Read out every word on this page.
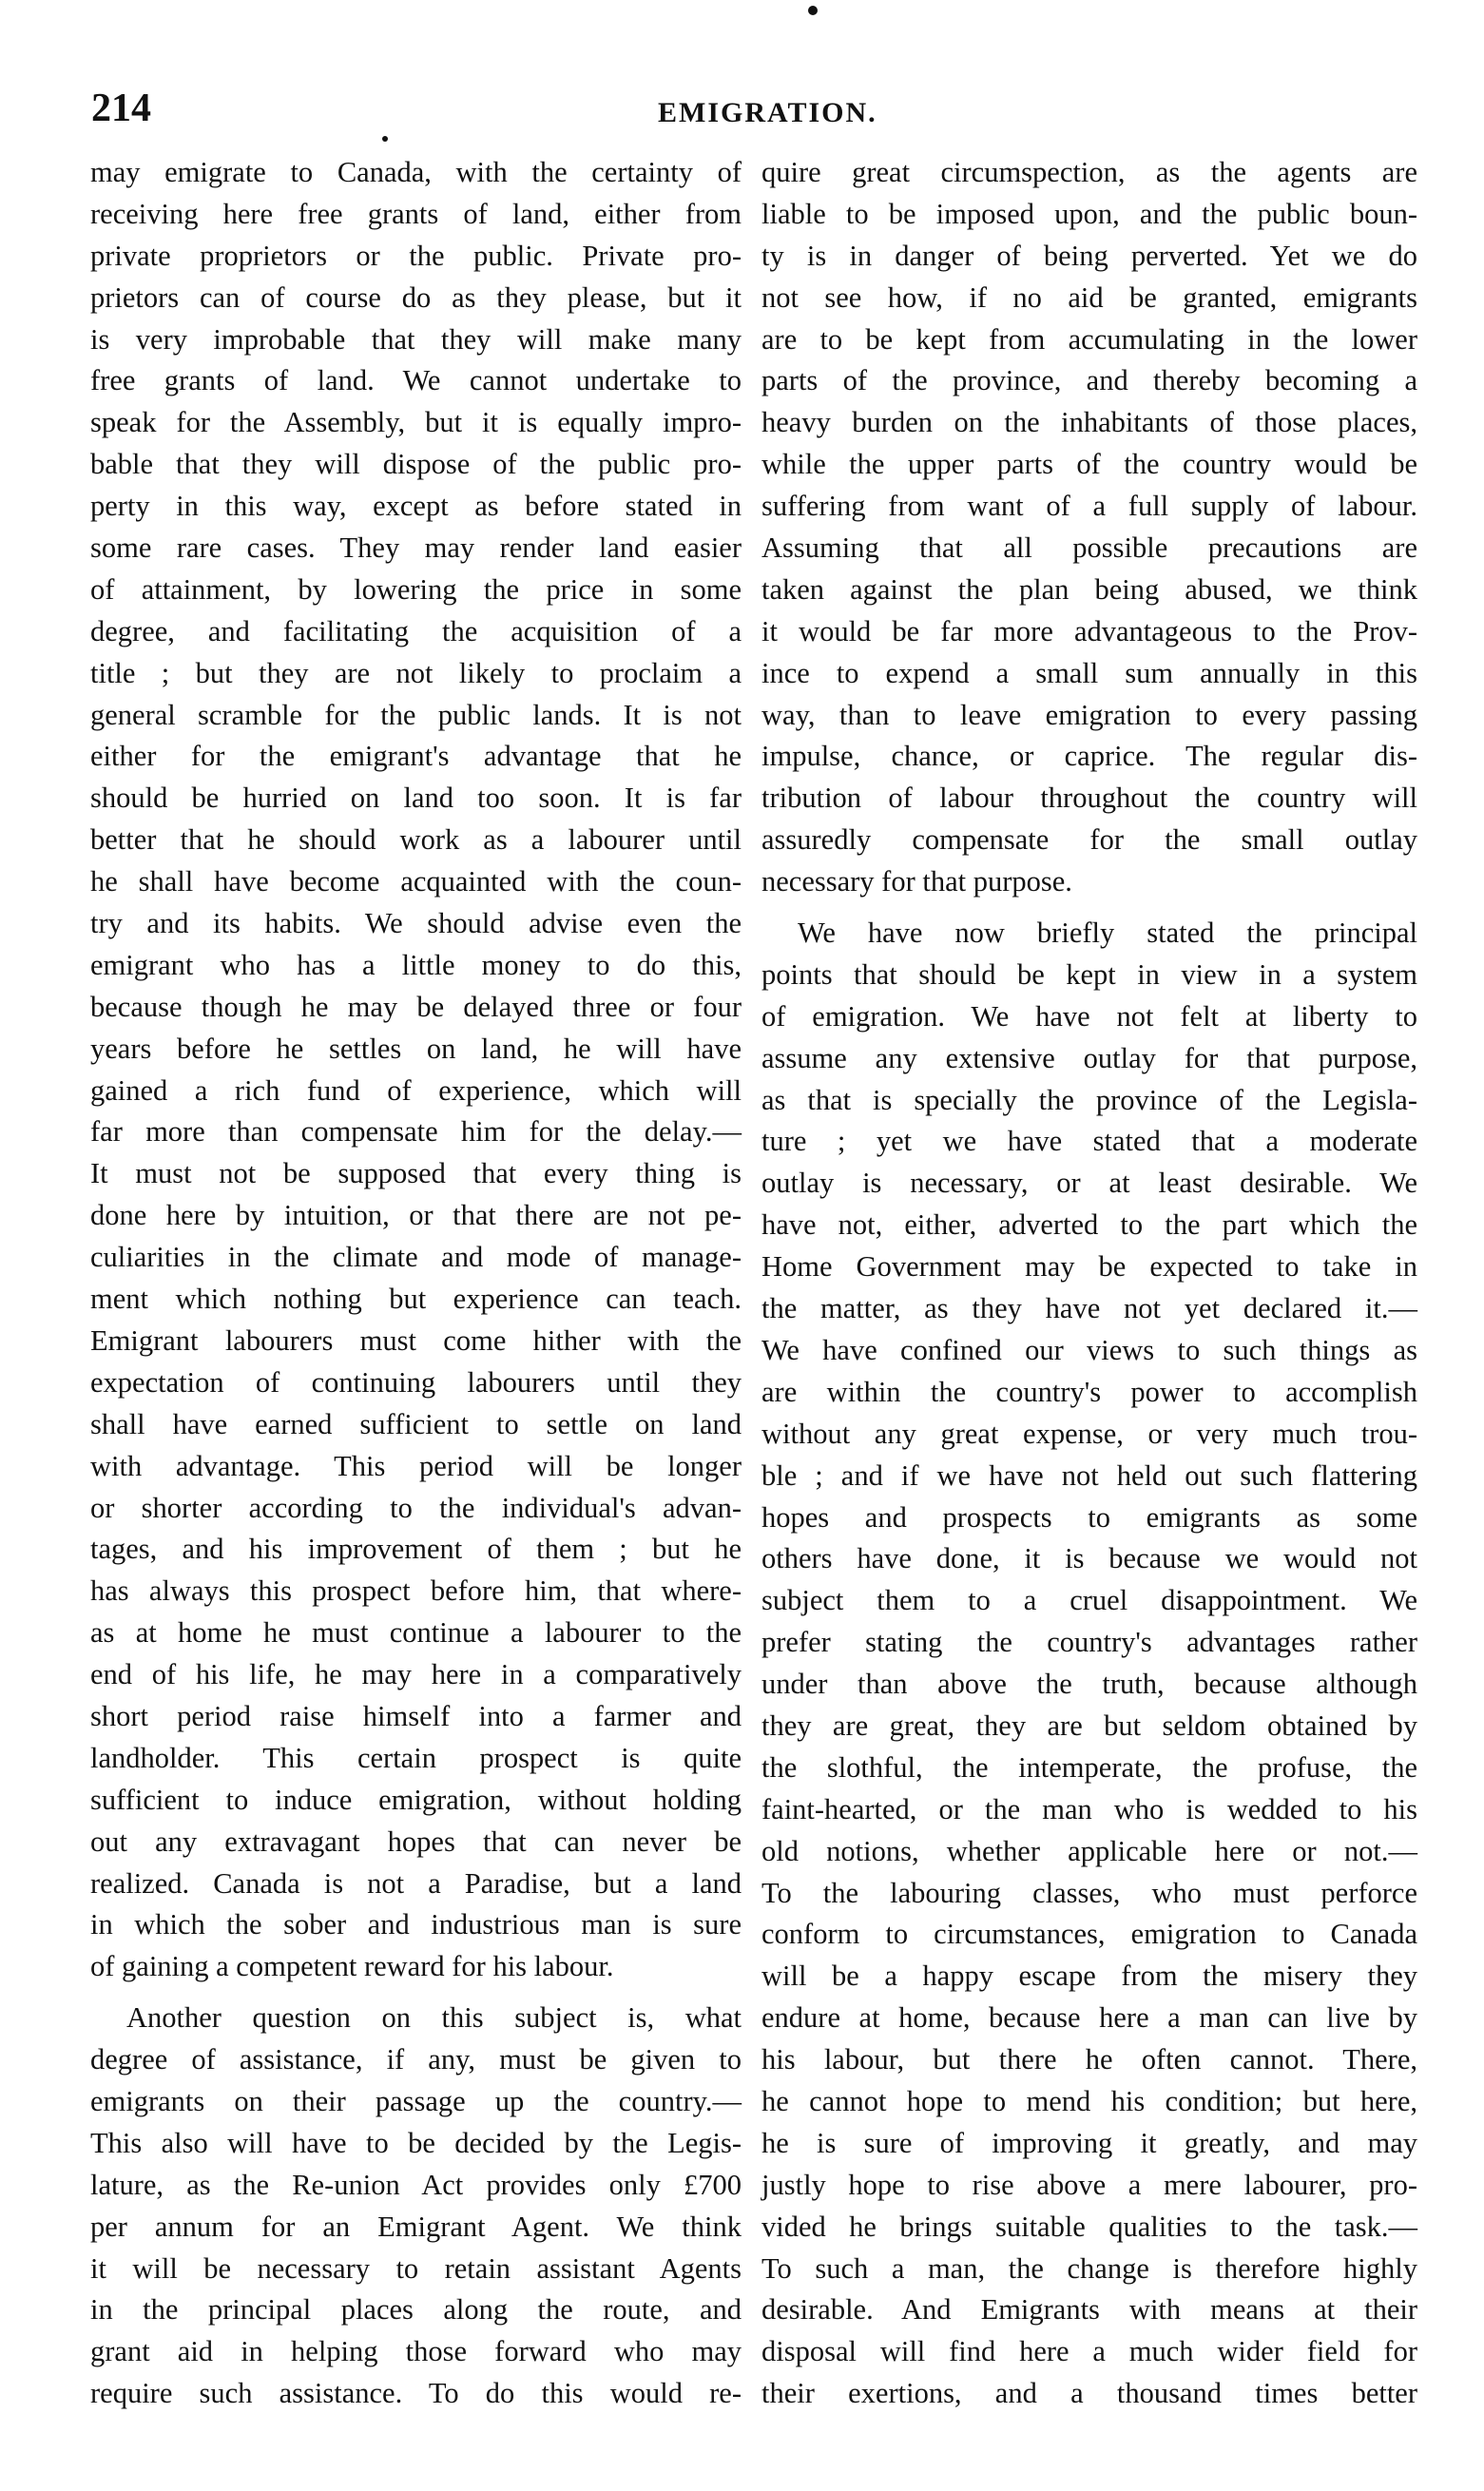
214	EMIGRATION.
may emigrate to Canada, with the certainty of
receiving here free grants of land, either from
private proprietors or the public. Private pro-
prietors can of course do as they please, but it
is very improbable that they will make many
free grants of land. We cannot undertake to
speak for the Assembly, but it is equally impro-
bable that they will dispose of the public pro-
perty in this way, except as before stated in
some rare cases. They may render land easier
of attainment, by lowering the price in some
degree, and facilitating the acquisition of a
title ; but they are not likely to proclaim a
general scramble for the public lands. It is not
either for the emigrant's advantage that he
should be hurried on land too soon. It is far
better that he should work as a labourer until
he shall have become acquainted with the coun-
try and its habits. We should advise even the
emigrant who has a little money to do this,
because though he may be delayed three or four
years before he settles on land, he will have
gained a rich fund of experience, which will
far more than compensate him for the delay.—
It must not be supposed that every thing is
done here by intuition, or that there are not pe-
culiarities in the climate and mode of manage-
ment which nothing but experience can teach.
Emigrant labourers must come hither with the
expectation of continuing labourers until they
shall have earned sufficient to settle on land
with advantage. This period will be longer
or shorter according to the individual's advan-
tages, and his improvement of them ; but he
has always this prospect before him, that where-
as at home he must continue a labourer to the
end of his life, he may here in a comparatively
short period raise himself into a farmer and
landholder. This certain prospect is quite
sufficient to induce emigration, without holding
out any extravagant hopes that can never be
realized. Canada is not a Paradise, but a land
in which the sober and industrious man is sure
of gaining a competent reward for his labour.
Another question on this subject is, what
degree of assistance, if any, must be given to
emigrants on their passage up the country.—
This also will have to be decided by the Legis-
lature, as the Re-union Act provides only £700
per annum for an Emigrant Agent. We think
it will be necessary to retain assistant Agents
in the principal places along the route, and
grant aid in helping those forward who may
require such assistance. To do this would re-
quire great circumspection, as the agents are
liable to be imposed upon, and the public boun-
ty is in danger of being perverted. Yet we do
not see how, if no aid be granted, emigrants
are to be kept from accumulating in the lower
parts of the province, and thereby becoming a
heavy burden on the inhabitants of those places,
while the upper parts of the country would be
suffering from want of a full supply of labour.
Assuming that all possible precautions are
taken against the plan being abused, we think
it would be far more advantageous to the Prov-
ince to expend a small sum annually in this
way, than to leave emigration to every passing
impulse, chance, or caprice. The regular dis-
tribution of labour throughout the country will
assuredly compensate for the small outlay
necessary for that purpose.
We have now briefly stated the principal
points that should be kept in view in a system
of emigration. We have not felt at liberty to
assume any extensive outlay for that purpose,
as that is specially the province of the Legisla-
ture ; yet we have stated that a moderate
outlay is necessary, or at least desirable. We
have not, either, adverted to the part which the
Home Government may be expected to take in
the matter, as they have not yet declared it.—
We have confined our views to such things as
are within the country's power to accomplish
without any great expense, or very much trou-
ble ; and if we have not held out such flattering
hopes and prospects to emigrants as some
others have done, it is because we would not
subject them to a cruel disappointment. We
prefer stating the country's advantages rather
under than above the truth, because although
they are great, they are but seldom obtained by
the slothful, the intemperate, the profuse, the
faint-hearted, or the man who is wedded to his
old notions, whether applicable here or not.—
To the labouring classes, who must perforce
conform to circumstances, emigration to Canada
will be a happy escape from the misery they
endure at home, because here a man can live by
his labour, but there he often cannot. There,
he cannot hope to mend his condition; but here,
he is sure of improving it greatly, and may
justly hope to rise above a mere labourer, pro-
vided he brings suitable qualities to the task.—
To such a man, the change is therefore highly
desirable. And Emigrants with means at their
disposal will find here a much wider field for
their exertions, and a thousand times better
